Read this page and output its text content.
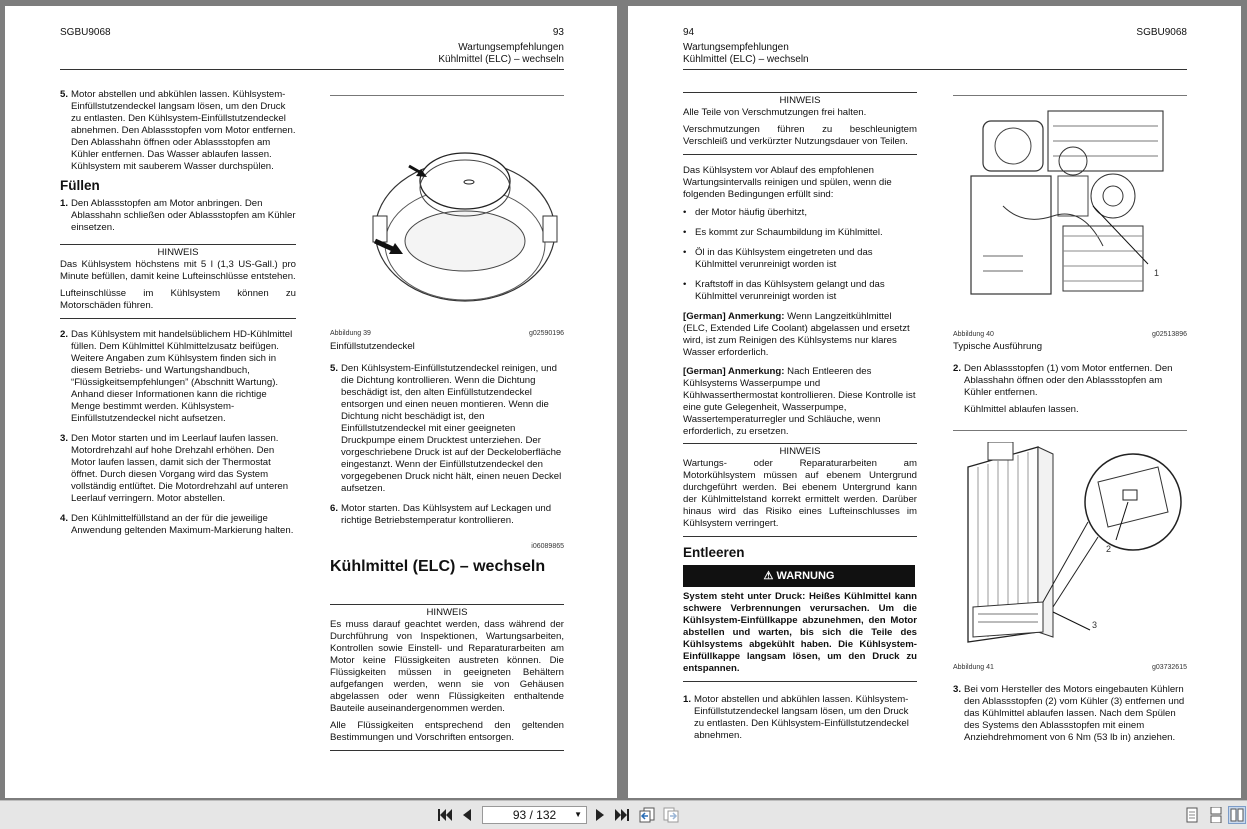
SGBU9068	93
Wartungsempfehlungen
Kühlmittel (ELC) – wechseln
5. Motor abstellen und abkühlen lassen. Kühlsystem-Einfüllstutzendeckel langsam lösen, um den Druck zu entlasten. Den Kühlsystem-Einfüllstutzendeckel abnehmen. Den Ablassstopfen vom Motor entfernen. Den Ablasshahn öffnen oder Ablassstopfen am Kühler entfernen. Das Wasser ablaufen lassen. Kühlsystem mit sauberem Wasser durchspülen.

Füllen
1. Den Ablassstopfen am Motor anbringen. Den Ablasshahn schließen oder Ablassstopfen am Kühler einsetzen.

HINWEIS

Das Kühlsystem höchstens mit 5 l (1,3 US-Gall.) pro Minute befüllen, damit keine Lufteinschlüsse entstehen.

Lufteinschlüsse im Kühlsystem können zu Motorschäden führen.

2. Das Kühlsystem mit handelsüblichem HD-Kühlmittel füllen. Dem Kühlmittel Kühlmittelzusatz beifügen. Weitere Angaben zum Kühlsystem finden sich in diesem Betriebs- und Wartungshandbuch, “Flüssigkeitsempfehlungen” (Abschnitt Wartung). Anhand dieser Informationen kann die richtige Menge bestimmt werden. Kühlsystem-Einfüllstutzendeckel nicht aufsetzen.

3. Den Motor starten und im Leerlauf laufen lassen. Motordrehzahl auf hohe Drehzahl erhöhen. Den Motor laufen lassen, damit sich der Thermostat öffnet. Durch diesen Vorgang wird das System vollständig entlüftet. Die Motordrehzahl auf unteren Leerlauf verringern. Motor abstellen.

4. Den Kühlmittelfüllstand an der für die jeweilige Anwendung geltenden Maximum-Markierung halten.

Abbildung 39	g02590196
Einfüllstutzendeckel
5. Den Kühlsystem-Einfüllstutzendeckel reinigen, und die Dichtung kontrollieren. Wenn die Dichtung beschädigt ist, den alten Einfüllstutzendeckel entsorgen und einen neuen montieren. Wenn die Dichtung nicht beschädigt ist, den Einfüllstutzendeckel mit einer geeigneten Druckpumpe einem Drucktest unterziehen. Der vorgeschriebene Druck ist auf der Deckeloberfläche eingestanzt. Wenn der Einfüllstutzendeckel den vorgegebenen Druck nicht hält, einen neuen Deckel aufsetzen.

6. Motor starten. Das Kühlsystem auf Leckagen und richtige Betriebstemperatur kontrollieren.

i06089865
Kühlmittel (ELC) – wechseln
HINWEIS

Es muss darauf geachtet werden, dass während der Durchführung von Inspektionen, Wartungsarbeiten, Kontrollen sowie Einstell- und Reparaturarbeiten am Motor keine Flüssigkeiten austreten können. Die Flüssigkeiten müssen in geeigneten Behältern aufgefangen werden, wenn sie von Gehäusen abgelassen oder wenn Flüssigkeiten enthaltende Bauteile auseinandergenommen werden.

Alle Flüssigkeiten entsprechend den geltenden Bestimmungen und Vorschriften entsorgen.

94	SGBU9068
Wartungsempfehlungen
Kühlmittel (ELC) – wechseln
HINWEIS

Alle Teile von Verschmutzungen frei halten.

Verschmutzungen führen zu beschleunigtem Verschleiß und verkürzter Nutzungsdauer von Teilen.

Das Kühlsystem vor Ablauf des empfohlenen Wartungsintervalls reinigen und spülen, wenn die folgenden Bedingungen erfüllt sind:

• der Motor häufig überhitzt,
• Es kommt zur Schaumbildung im Kühlmittel.
• Öl in das Kühlsystem eingetreten und das Kühlmittel verunreinigt worden ist
• Kraftstoff in das Kühlsystem gelangt und das Kühlmittel verunreinigt worden ist

[German] Anmerkung: Wenn Langzeitkühlmittel (ELC, Extended Life Coolant) abgelassen und ersetzt wird, ist zum Reinigen des Kühlsystems nur klares Wasser erforderlich.

[German] Anmerkung: Nach Entleeren des Kühlsystems Wasserpumpe und Kühlwasserthermostat kontrollieren. Diese Kontrolle ist eine gute Gelegenheit, Wasserpumpe, Wassertemperaturregler und Schläuche, wenn erforderlich, zu ersetzen.

HINWEIS

Wartungs- oder Reparaturarbeiten am Motorkühlsystem müssen auf ebenem Untergrund durchgeführt werden. Bei ebenem Untergrund kann der Kühlmittelstand korrekt ermittelt werden. Darüber hinaus wird das Risiko eines Lufteinschlusses im Kühlsystem verringert.

Entleeren
⚠ WARNUNG

System steht unter Druck: Heißes Kühlmittel kann schwere Verbrennungen verursachen. Um die Kühlsystem-Einfüllkappe abzunehmen, den Motor abstellen und warten, bis sich die Teile des Kühlsystems abgekühlt haben. Die Kühlsystem-Einfüllkappe langsam lösen, um den Druck zu entspannen.

1. Motor abstellen und abkühlen lassen. Kühlsystem-Einfüllstutzendeckel langsam lösen, um den Druck zu entlasten. Den Kühlsystem-Einfüllstutzendeckel abnehmen.

1
Abbildung 40	g02513896
Typische Ausführung
2. Den Ablassstopfen (1) vom Motor entfernen. Den Ablasshahn öffnen oder den Ablassstopfen am Kühler entfernen.

Kühlmittel ablaufen lassen.

2
3
Abbildung 41	g03732615
3. Bei vom Hersteller des Motors eingebauten Kühlern den Ablassstopfen (2) vom Kühler (3) entfernen und das Kühlmittel ablaufen lassen. Nach dem Spülen des Systems den Ablassstopfen mit einem Anziehdrehmoment von 6 Nm (53 lb in) anziehen.

93 / 132 ▼
